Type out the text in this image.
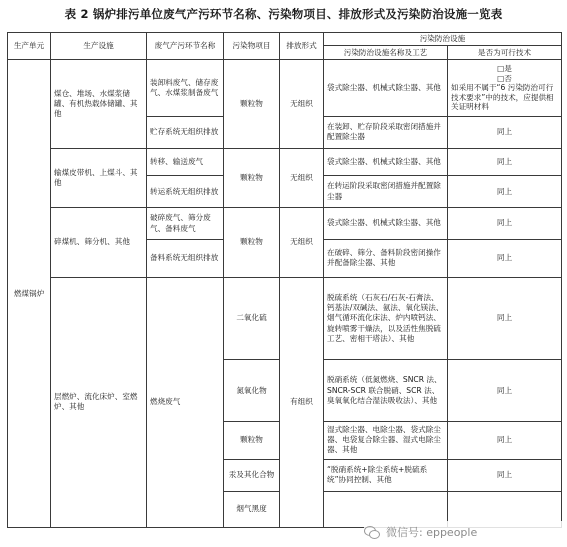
表 2 锅炉排污单位废气产污环节名称、污染物项目、排放形式及污染防治设施一览表
生产单元	生产设施	废气产污环节名称	污染物项目	排放形式	污染防治设施	
					污染防治设施名称及工艺	是否为可行技术
燃煤锅炉	煤仓、堆场、水煤浆储罐、有机热载体储罐、其他	装卸料废气、储存废气、水煤浆制备废气	颗粒物	无组织	袋式除尘器、机械式除尘器、其他	□是
□否
如采用不属于“6 污染防治可行技术要求”中的技术，应提供相关证明材料

		贮存系统无组织排放			在装卸、贮存阶段采取密闭措施并配置除尘器	同上
	输煤皮带机、上煤斗、其他	转移、输送废气	颗粒物	无组织	袋式除尘器、机械式除尘器、其他	同上
		转运系统无组织排放			在转运阶段采取密闭措施并配置除尘器	同上
	碎煤机、筛分机、其他	破碎废气、筛分废气、备料废气	颗粒物	无组织	袋式除尘器、机械式除尘器、其他	同上
		备料系统无组织排放			在破碎、筛分、备料阶段密闭操作并配备除尘器、其他	同上
	层燃炉、流化床炉、室燃炉、其他	燃烧废气	二氧化硫	有组织	脱硫系统（石灰石/石灰-石膏法、钙基法/双碱法、氨法、氧化镁法、烟气循环流化床法、炉内喷钙法、旋转喷雾干燥法，以及活性焦脱硫工艺、密相干塔法）、其他	同上
			氮氧化物		脱硝系统（低氮燃烧、SNCR 法、SNCR-SCR 联合脱硝、SCR 法、臭氧氧化结合湿法吸收法）、其他	同上
			颗粒物		湿式除尘器、电除尘器、袋式除尘器、电袋复合除尘器、湿式电除尘器、其他	同上
			汞及其化合物		“脱硝系统+除尘系统+脱硫系统”协同控制、其他	同上
			烟气黑度			
微信号: eppeople
